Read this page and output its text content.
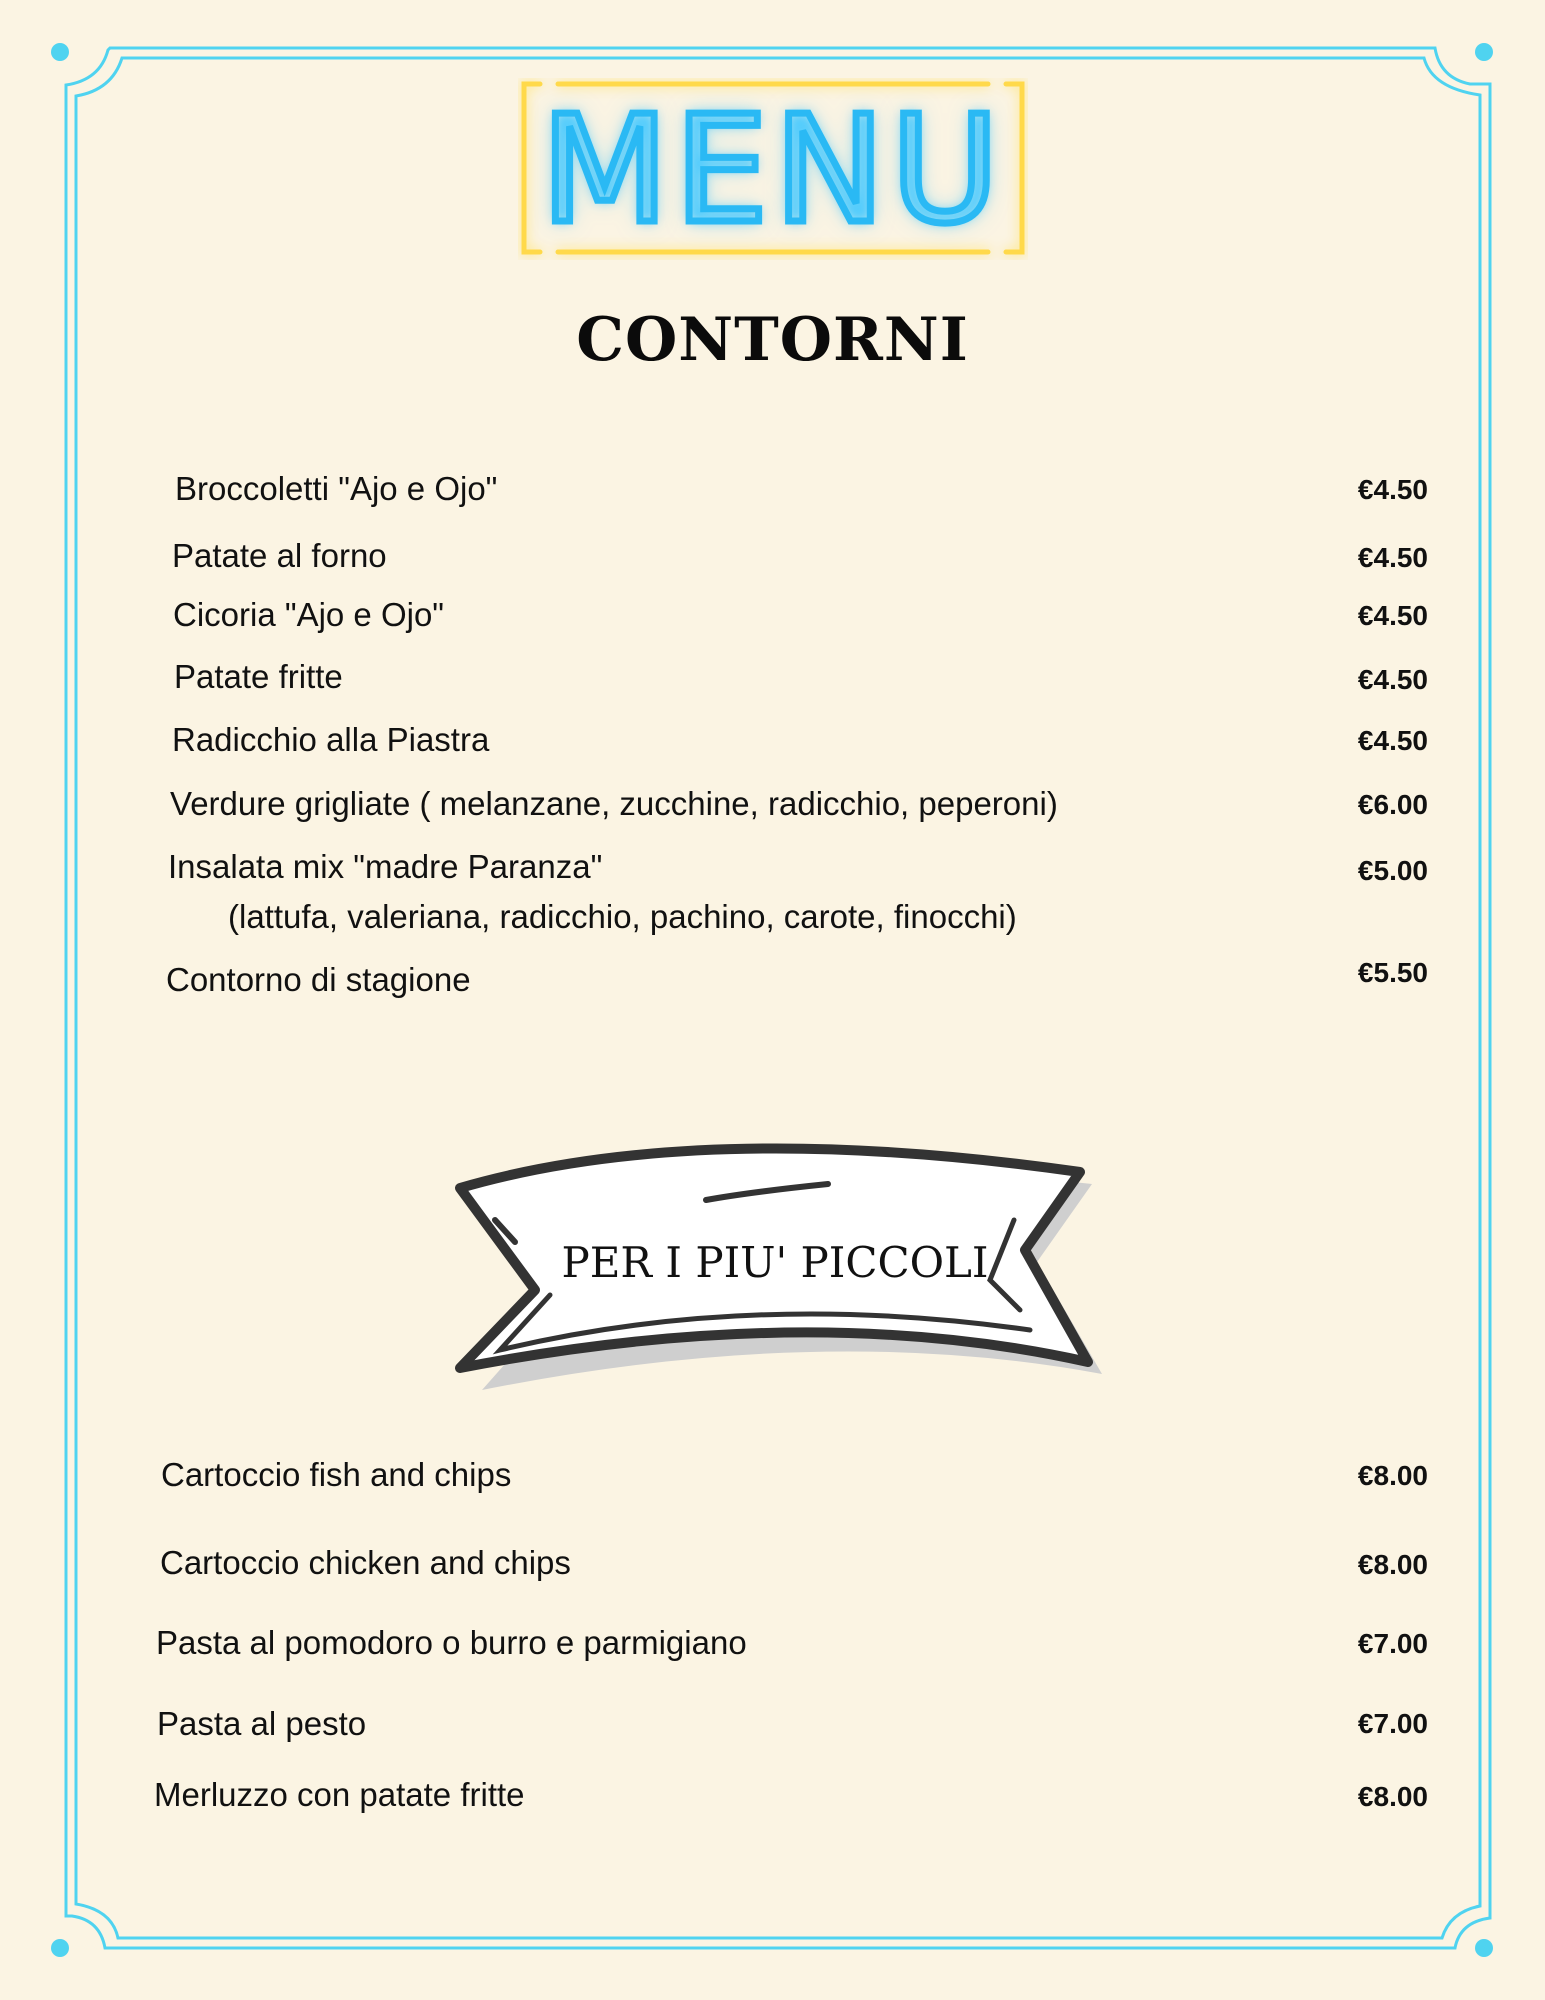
MENU
CONTORNI
Broccoletti "Ajo e Ojo"	€4.50
Patate al forno	€4.50
Cicoria "Ajo e Ojo"	€4.50
Patate fritte	€4.50
Radicchio alla Piastra	€4.50
Verdure grigliate ( melanzane, zucchine, radicchio, peperoni)	€6.00
Insalata mix "madre Paranza"
(lattufa, valeriana, radicchio, pachino, carote, finocchi)
€5.00
Contorno di stagione	€5.50
PER I PIU' PICCOLI
Cartoccio fish and chips	€8.00
Cartoccio chicken and chips	€8.00
Pasta al pomodoro o burro e parmigiano	€7.00
Pasta al pesto	€7.00
Merluzzo con patate fritte	€8.00
